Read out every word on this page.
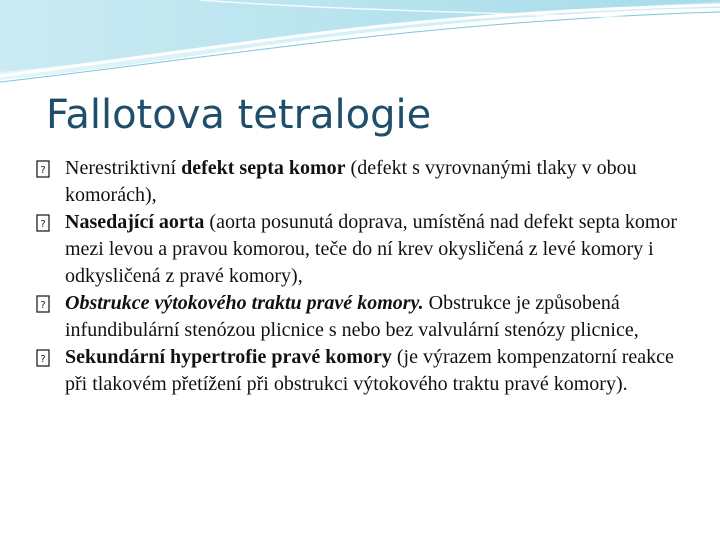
Fallotova tetralogie
? Nerestriktivní defekt septa komor (defekt s vyrovnanými tlaky v obou komorách),
? Nasedající aorta (aorta posunutá doprava, umístěná nad defekt septa komor mezi levou a pravou komorou, teče do ní krev okysličená z levé komory i odkysličená z pravé komory),
? Obstrukce výtokového traktu pravé komory. Obstrukce je způsobená infundibulární stenózou plicnice s nebo bez valvulární stenózy plicnice,
? Sekundární hypertrofie pravé komory (je výrazem kompenzatorní reakce při tlakovém přetížení při obstrukci výtokového traktu pravé komory).
